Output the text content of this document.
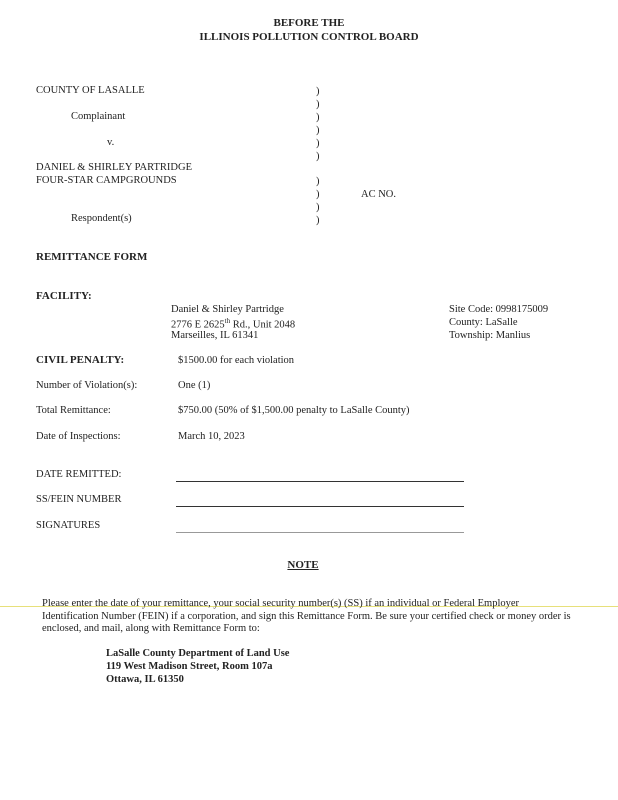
BEFORE THE
ILLINOIS POLLUTION CONTROL BOARD
COUNTY OF LASALLE
Complainant
v.
DANIEL & SHIRLEY PARTRIDGE
FOUR-STAR CAMPGROUNDS
Respondent(s)
)
)
)
)
)
)
)
)
)
)
AC NO.
REMITTANCE FORM
FACILITY:
Daniel & Shirley Partridge
2776 E 2625th Rd., Unit 2048
Marseilles, IL 61341
Site Code: 0998175009
County: LaSalle
Township: Manlius
CIVIL PENALTY:	$1500.00 for each violation
Number of Violation(s):	One (1)
Total Remittance:	$750.00 (50% of $1,500.00 penalty to LaSalle County)
Date of Inspections:	March 10, 2023
DATE REMITTED:
SS/FEIN NUMBER
SIGNATURES
NOTE
Please enter the date of your remittance, your social security number(s) (SS) if an individual or Federal Employer Identification Number (FEIN) if a corporation, and sign this Remittance Form. Be sure your certified check or money order is enclosed, and mail, along with Remittance Form to:
LaSalle County Department of Land Use
119 West Madison Street, Room 107a
Ottawa, IL 61350
